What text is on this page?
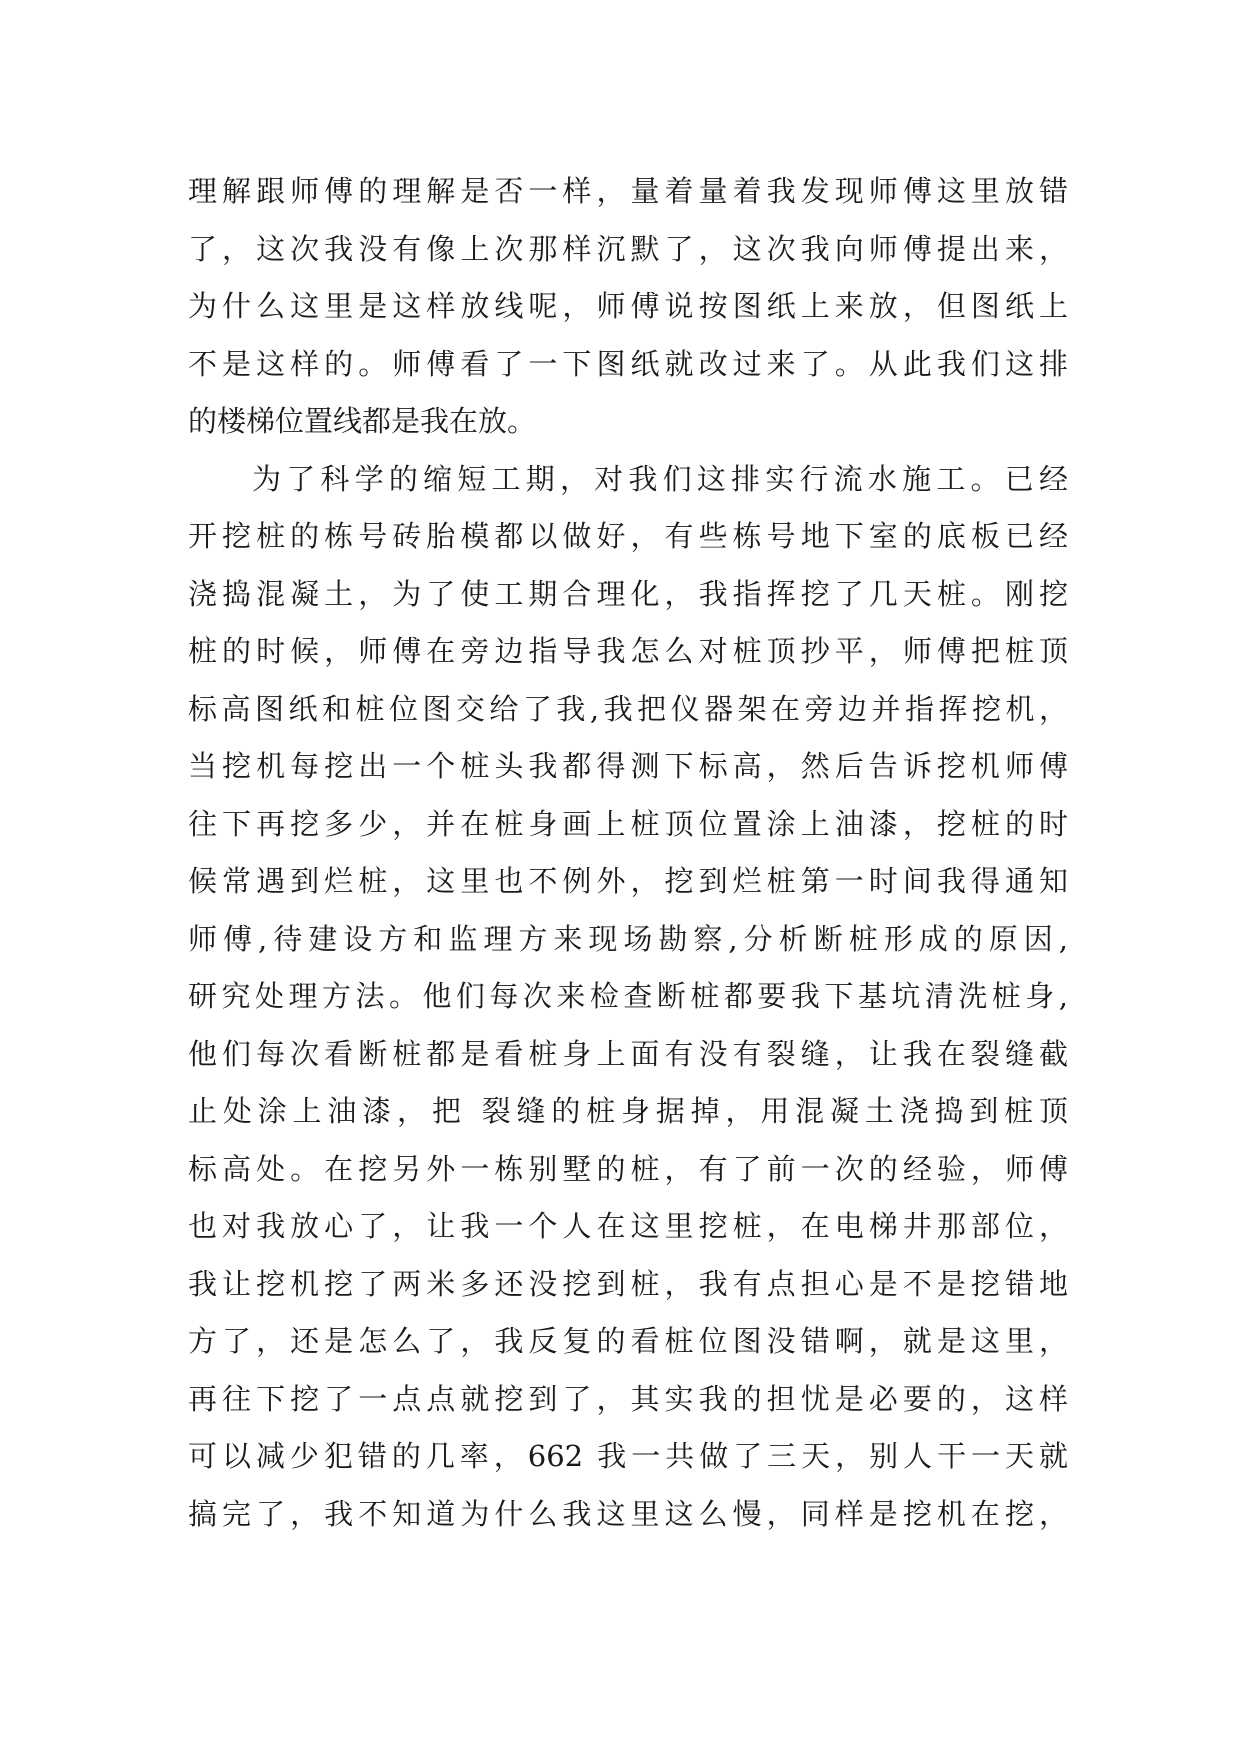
理解跟师傅的理解是否一样，量着量着我发现师傅这里放错
了，这次我没有像上次那样沉默了，这次我向师傅提出来，
为什么这里是这样放线呢，师傅说按图纸上来放，但图纸上
不是这样的。师傅看了一下图纸就改过来了。从此我们这排
的楼梯位置线都是我在放。
为了科学的缩短工期，对我们这排实行流水施工。已经
开挖桩的栋号砖胎模都以做好，有些栋号地下室的底板已经
浇捣混凝土，为了使工期合理化，我指挥挖了几天桩。刚挖
桩的时候，师傅在旁边指导我怎么对桩顶抄平，师傅把桩顶
标高图纸和桩位图交给了我,我把仪器架在旁边并指挥挖机，
当挖机每挖出一个桩头我都得测下标高，然后告诉挖机师傅
往下再挖多少，并在桩身画上桩顶位置涂上油漆，挖桩的时
候常遇到烂桩，这里也不例外，挖到烂桩第一时间我得通知
师傅,待建设方和监理方来现场勘察,分析断桩形成的原因,
研究处理方法。他们每次来检查断桩都要我下基坑清洗桩身,
他们每次看断桩都是看桩身上面有没有裂缝，让我在裂缝截
止处涂上油漆，把 裂缝的桩身据掉，用混凝土浇捣到桩顶
标高处。在挖另外一栋别墅的桩，有了前一次的经验，师傅
也对我放心了，让我一个人在这里挖桩，在电梯井那部位，
我让挖机挖了两米多还没挖到桩，我有点担心是不是挖错地
方了，还是怎么了，我反复的看桩位图没错啊，就是这里，
再往下挖了一点点就挖到了，其实我的担忧是必要的，这样
可以减少犯错的几率，662 我一共做了三天，别人干一天就
搞完了，我不知道为什么我这里这么慢，同样是挖机在挖，
